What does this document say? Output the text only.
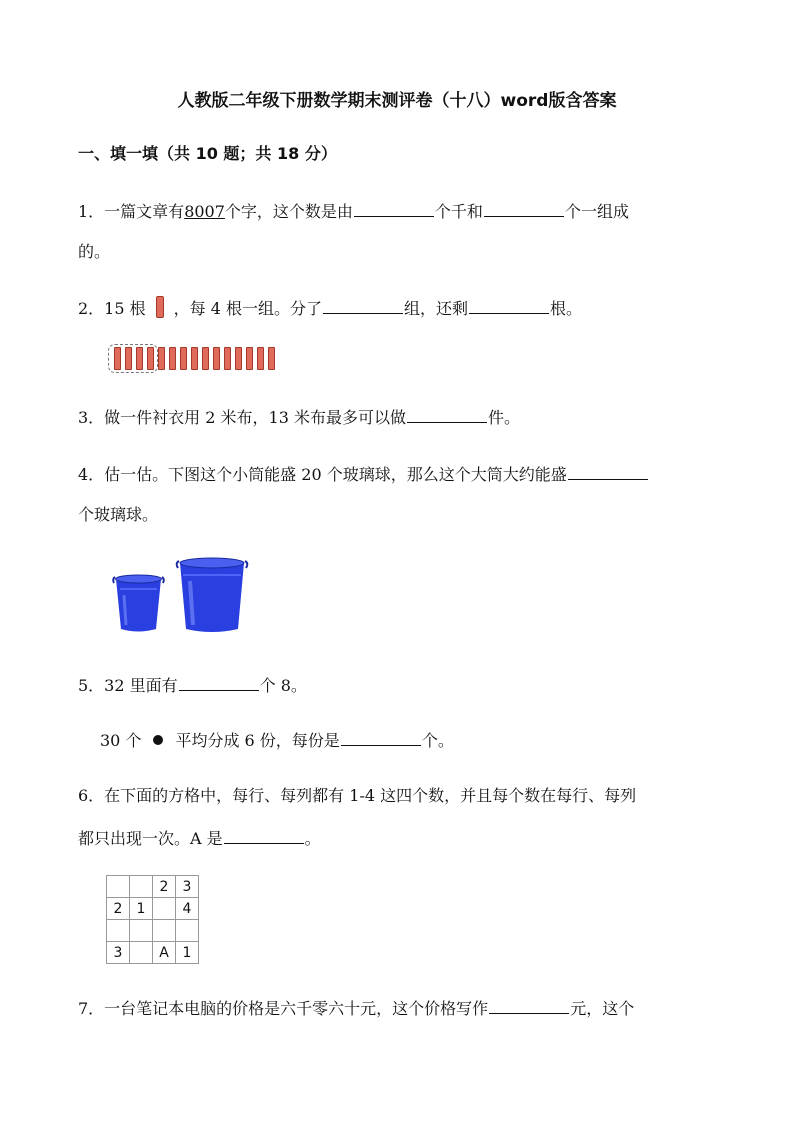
人教版二年级下册数学期末测评卷（十八）word版含答案
一、填一填（共 10 题；共 18 分）
1．一篇文章有8007个字，这个数是由	个千和	个一组成
的。
2．15 根 ，每 4 根一组。分了	组，还剩	根。
3．做一件衬衣用 2 米布，13 米布最多可以做	件。
4．估一估。下图这个小筒能盛 20 个玻璃球，那么这个大筒大约能盛
个玻璃球。
5．32 里面有	个 8。
30 个 平均分成 6 份，每份是	个。
6．在下面的方格中，每行、每列都有 1-4 这四个数，并且每个数在每行、每列
都只出现一次。A 是	。
		2	3
2	1		4

3		A	1
7．一台笔记本电脑的价格是六千零六十元，这个价格写作	元，这个
